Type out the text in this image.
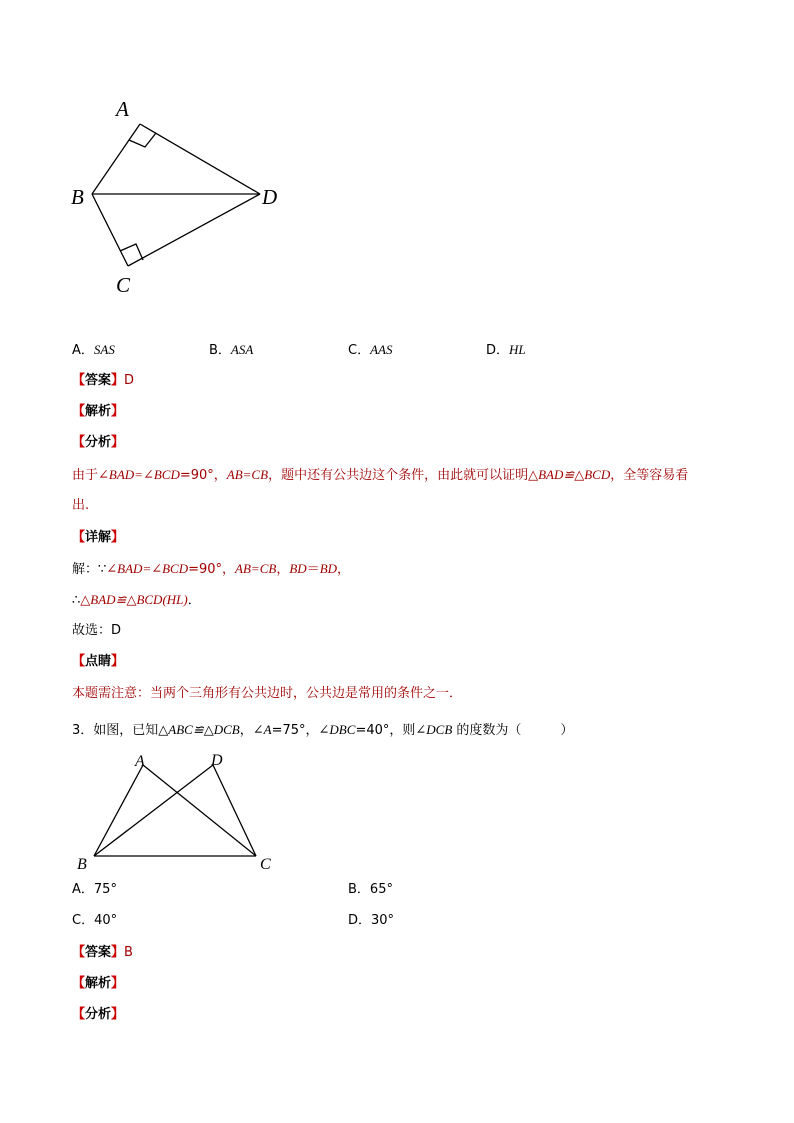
A
B	D
C
A．SAS	B．ASA	C．AAS	D．HL
【答案】D
【解析】
【分析】
由于∠BAD=∠BCD=90°，AB=CB，题中还有公共边这个条件，由此就可以证明△BAD≌△BCD，全等容易看
出.
【详解】
解：∵∠BAD=∠BCD=90°，AB=CB，BD＝BD，
∴△BAD≌△BCD(HL)．
故选：D
【点睛】
本题需注意：当两个三角形有公共边时，公共边是常用的条件之一．
3．如图，已知△ABC≌△DCB，∠A=75°，∠DBC=40°，则∠DCB 的度数为（　　　）
A	D
B	C
A．75°	B．65°
C．40°	D．30°
【答案】B
【解析】
【分析】
